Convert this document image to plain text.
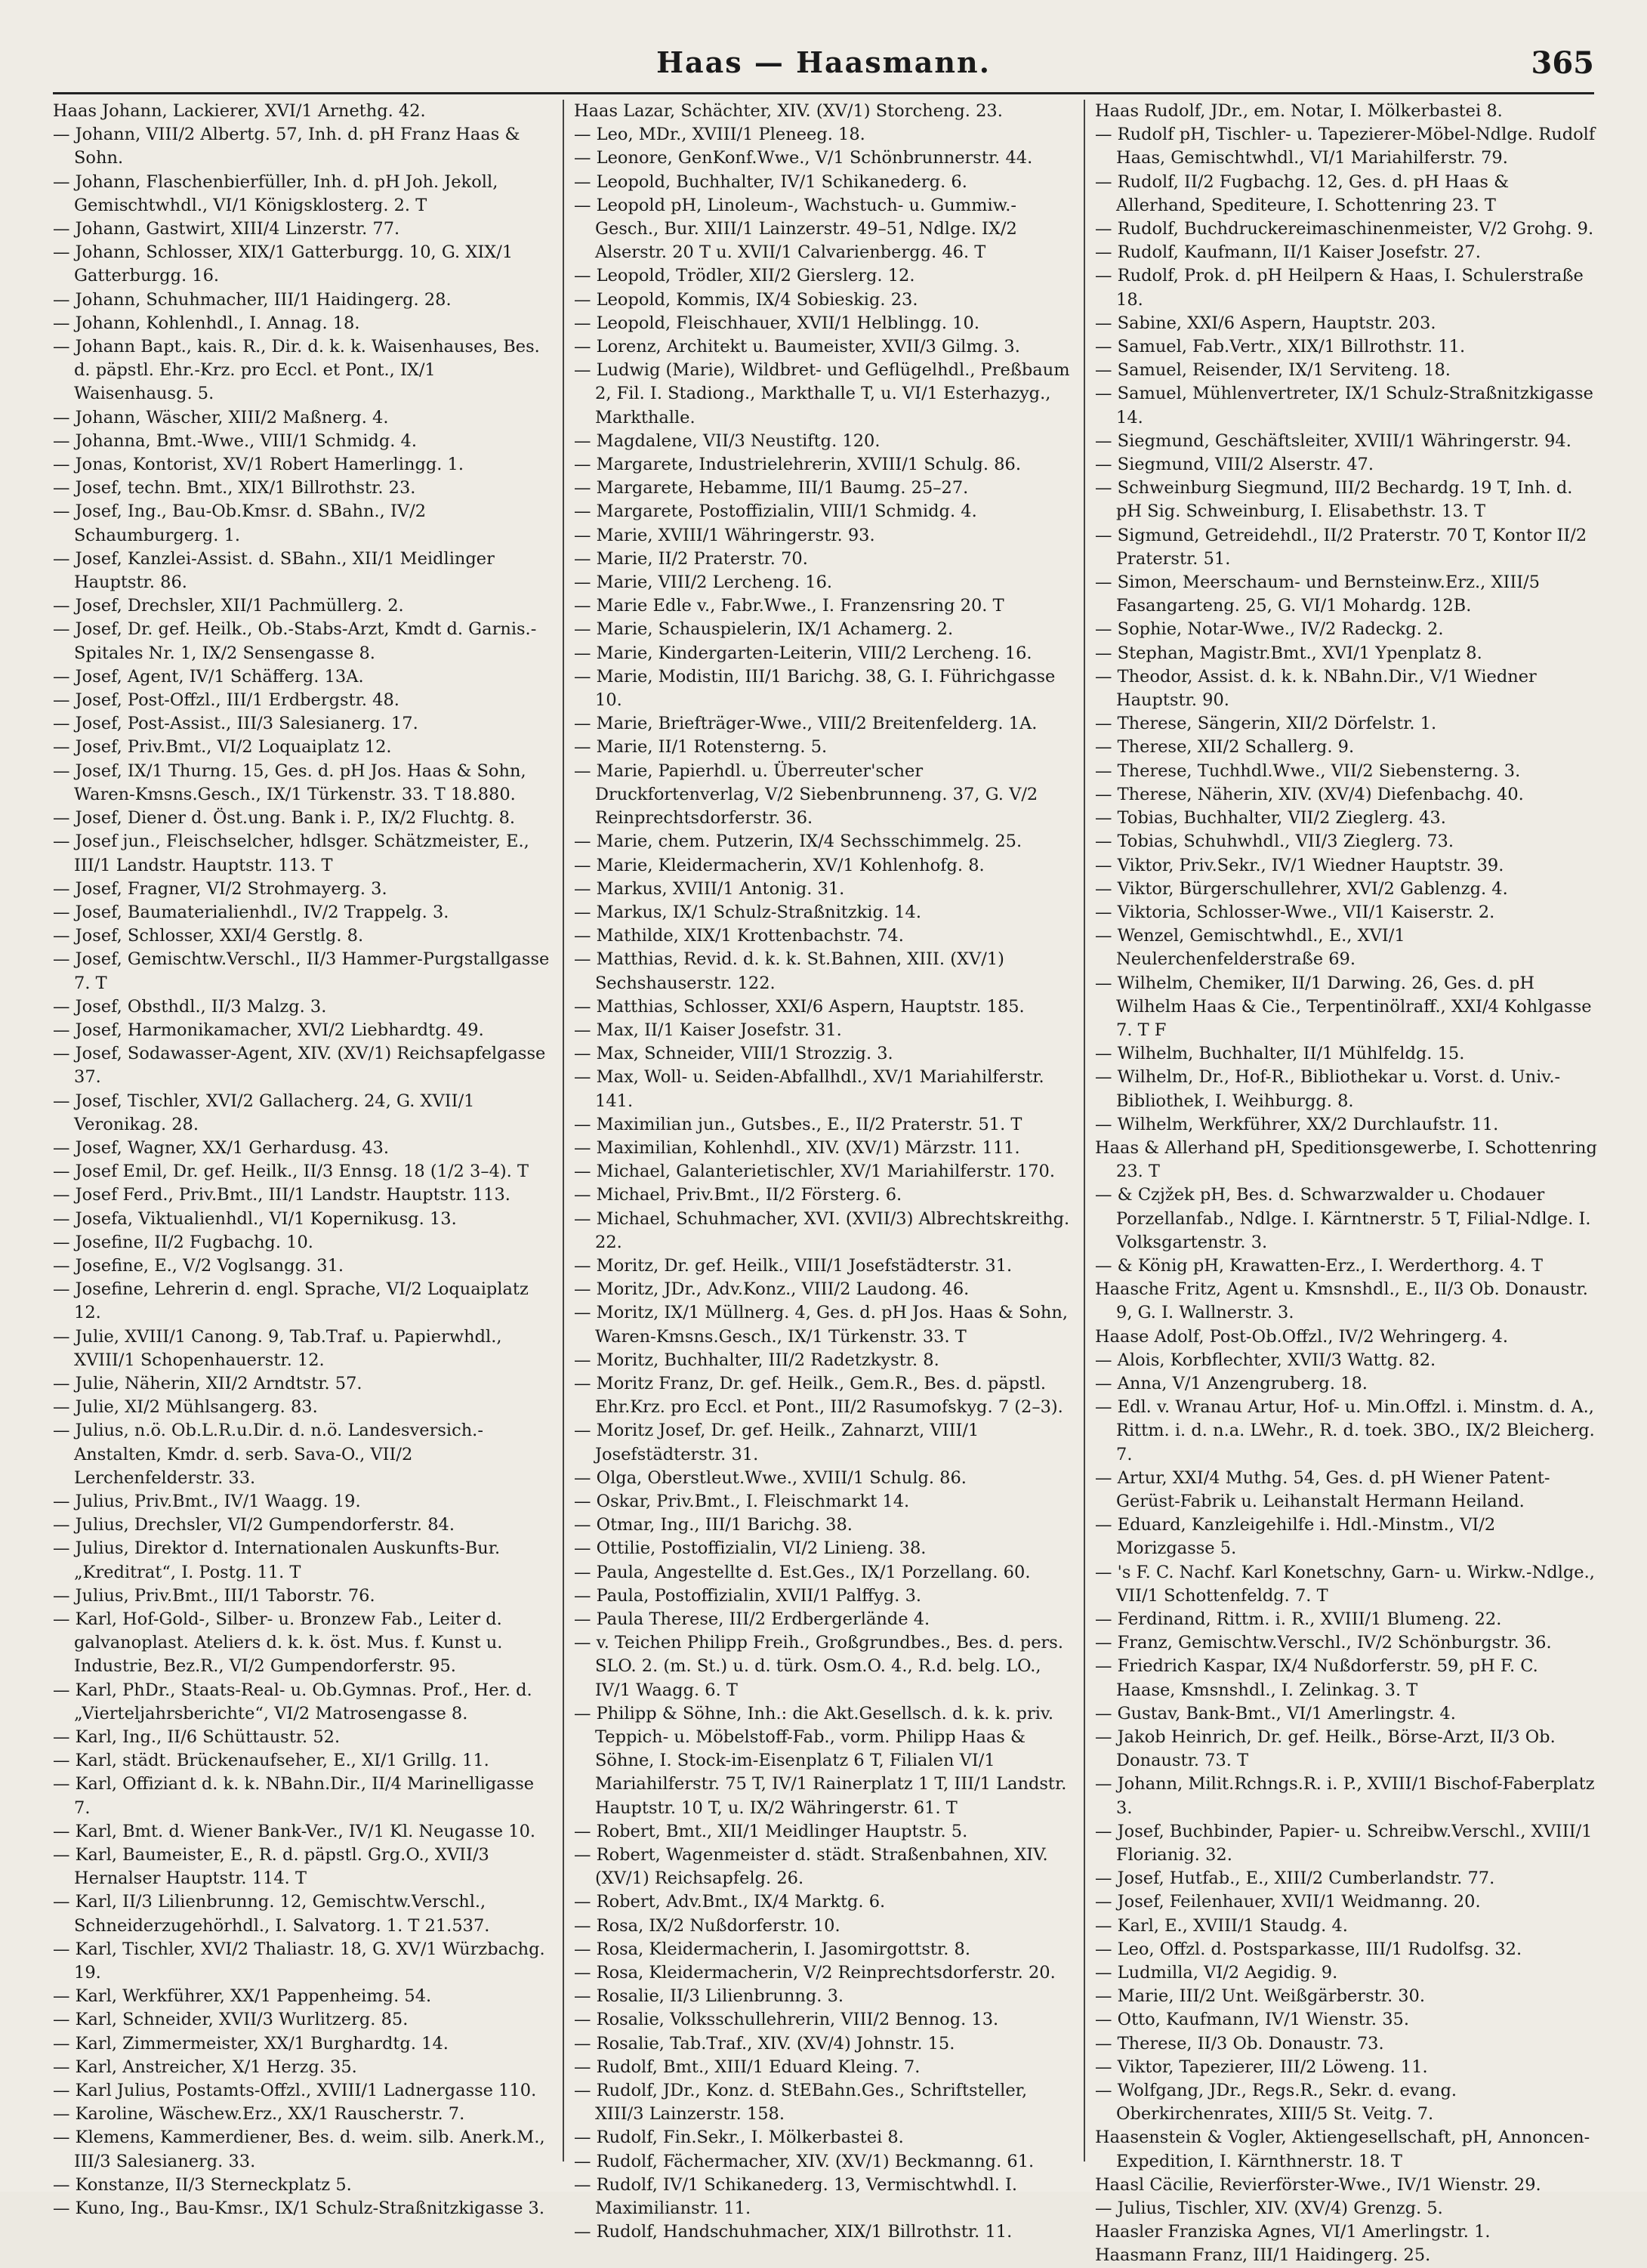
Haas — Haasmann.	365

Haas Johann, Lackierer, XVI/1 Arnethg. 42.

— Johann, VIII/2 Albertg. 57, Inh. d. pH Franz Haas & Sohn.

— Johann, Flaschenbierfüller, Inh. d. pH Joh. Jekoll, Gemischtwhdl., VI/1 Königsklosterg. 2. T

— Johann, Gastwirt, XIII/4 Linzerstr. 77.

— Johann, Schlosser, XIX/1 Gatterburgg. 10, G. XIX/1 Gatterburgg. 16.

— Johann, Schuhmacher, III/1 Haidingerg. 28.

— Johann, Kohlenhdl., I. Annag. 18.

— Johann Bapt., kais. R., Dir. d. k. k. Waisenhauses, Bes. d. päpstl. Ehr.-Krz. pro Eccl. et Pont., IX/1 Waisenhausg. 5.

— Johann, Wäscher, XIII/2 Maßnerg. 4.

— Johanna, Bmt.-Wwe., VIII/1 Schmidg. 4.

— Jonas, Kontorist, XV/1 Robert Hamerlingg. 1.

— Josef, techn. Bmt., XIX/1 Billrothstr. 23.

— Josef, Ing., Bau-Ob.Kmsr. d. SBahn., IV/2 Schaumburgerg. 1.

— Josef, Kanzlei-Assist. d. SBahn., XII/1 Meidlinger Hauptstr. 86.

— Josef, Drechsler, XII/1 Pachmüllerg. 2.

— Josef, Dr. gef. Heilk., Ob.-Stabs-Arzt, Kmdt d. Garnis.-Spitales Nr. 1, IX/2 Sensengasse 8.

— Josef, Agent, IV/1 Schäfferg. 13A.

— Josef, Post-Offzl., III/1 Erdbergstr. 48.

— Josef, Post-Assist., III/3 Salesianerg. 17.

— Josef, Priv.Bmt., VI/2 Loquaiplatz 12.

— Josef, IX/1 Thurng. 15, Ges. d. pH Jos. Haas & Sohn, Waren-Kmsns.Gesch., IX/1 Türkenstr. 33. T 18.880.

— Josef, Diener d. Öst.ung. Bank i. P., IX/2 Fluchtg. 8.

— Josef jun., Fleischselcher, hdlsger. Schätzmeister, E., III/1 Landstr. Hauptstr. 113. T

— Josef, Fragner, VI/2 Strohmayerg. 3.

— Josef, Baumaterialienhdl., IV/2 Trappelg. 3.

— Josef, Schlosser, XXI/4 Gerstlg. 8.

— Josef, Gemischtw.Verschl., II/3 Hammer-Purgstallgasse 7. T

— Josef, Obsthdl., II/3 Malzg. 3.

— Josef, Harmonikamacher, XVI/2 Liebhardtg. 49.

— Josef, Sodawasser-Agent, XIV. (XV/1) Reichsapfelgasse 37.

— Josef, Tischler, XVI/2 Gallacherg. 24, G. XVII/1 Veronikag. 28.

— Josef, Wagner, XX/1 Gerhardusg. 43.

— Josef Emil, Dr. gef. Heilk., II/3 Ennsg. 18 (1/2 3–4). T

— Josef Ferd., Priv.Bmt., III/1 Landstr. Hauptstr. 113.

— Josefa, Viktualienhdl., VI/1 Kopernikusg. 13.

— Josefine, II/2 Fugbachg. 10.

— Josefine, E., V/2 Voglsangg. 31.

— Josefine, Lehrerin d. engl. Sprache, VI/2 Loquaiplatz 12.

— Julie, XVIII/1 Canong. 9, Tab.Traf. u. Papierwhdl., XVIII/1 Schopenhauerstr. 12.

— Julie, Näherin, XII/2 Arndtstr. 57.

— Julie, XI/2 Mühlsangerg. 83.

— Julius, n.ö. Ob.L.R.u.Dir. d. n.ö. Landesversich.-Anstalten, Kmdr. d. serb. Sava-O., VII/2 Lerchenfelderstr. 33.

— Julius, Priv.Bmt., IV/1 Waagg. 19.

— Julius, Drechsler, VI/2 Gumpendorferstr. 84.

— Julius, Direktor d. Internationalen Auskunfts-Bur. „Kreditrat“, I. Postg. 11. T

— Julius, Priv.Bmt., III/1 Taborstr. 76.

— Karl, Hof-Gold-, Silber- u. Bronzew Fab., Leiter d. galvanoplast. Ateliers d. k. k. öst. Mus. f. Kunst u. Industrie, Bez.R., VI/2 Gumpendorferstr. 95.

— Karl, PhDr., Staats-Real- u. Ob.Gymnas. Prof., Her. d. „Vierteljahrsberichte“, VI/2 Matrosengasse 8.

— Karl, Ing., II/6 Schüttaustr. 52.

— Karl, städt. Brückenaufseher, E., XI/1 Grillg. 11.

— Karl, Offiziant d. k. k. NBahn.Dir., II/4 Marinelligasse 7.

— Karl, Bmt. d. Wiener Bank-Ver., IV/1 Kl. Neugasse 10.

— Karl, Baumeister, E., R. d. päpstl. Grg.O., XVII/3 Hernalser Hauptstr. 114. T

— Karl, II/3 Lilienbrunng. 12, Gemischtw.Verschl., Schneiderzugehörhdl., I. Salvatorg. 1. T 21.537.

— Karl, Tischler, XVI/2 Thaliastr. 18, G. XV/1 Würzbachg. 19.

— Karl, Werkführer, XX/1 Pappenheimg. 54.

— Karl, Schneider, XVII/3 Wurlitzerg. 85.

— Karl, Zimmermeister, XX/1 Burghardtg. 14.

— Karl, Anstreicher, X/1 Herzg. 35.

— Karl Julius, Postamts-Offzl., XVIII/1 Ladnergasse 110.

— Karoline, Wäschew.Erz., XX/1 Rauscherstr. 7.

— Klemens, Kammerdiener, Bes. d. weim. silb. Anerk.M., III/3 Salesianerg. 33.

— Konstanze, II/3 Sterneckplatz 5.

— Kuno, Ing., Bau-Kmsr., IX/1 Schulz-Straßnitzkigasse 3.

Haas Lazar, Schächter, XIV. (XV/1) Storcheng. 23.

— Leo, MDr., XVIII/1 Pleneeg. 18.

— Leonore, GenKonf.Wwe., V/1 Schönbrunnerstr. 44.

— Leopold, Buchhalter, IV/1 Schikanederg. 6.

— Leopold pH, Linoleum-, Wachstuch- u. Gummiw.-Gesch., Bur. XIII/1 Lainzerstr. 49–51, Ndlge. IX/2 Alserstr. 20 T u. XVII/1 Calvarienbergg. 46. T

— Leopold, Trödler, XII/2 Gierslerg. 12.

— Leopold, Kommis, IX/4 Sobieskig. 23.

— Leopold, Fleischhauer, XVII/1 Helblingg. 10.

— Lorenz, Architekt u. Baumeister, XVII/3 Gilmg. 3.

— Ludwig (Marie), Wildbret- und Geflügelhdl., Preßbaum 2, Fil. I. Stadiong., Markthalle T, u. VI/1 Esterhazyg., Markthalle.

— Magdalene, VII/3 Neustiftg. 120.

— Margarete, Industrielehrerin, XVIII/1 Schulg. 86.

— Margarete, Hebamme, III/1 Baumg. 25–27.

— Margarete, Postoffizialin, VIII/1 Schmidg. 4.

— Marie, XVIII/1 Währingerstr. 93.

— Marie, II/2 Praterstr. 70.

— Marie, VIII/2 Lercheng. 16.

— Marie Edle v., Fabr.Wwe., I. Franzensring 20. T

— Marie, Schauspielerin, IX/1 Achamerg. 2.

— Marie, Kindergarten-Leiterin, VIII/2 Lercheng. 16.

— Marie, Modistin, III/1 Barichg. 38, G. I. Führichgasse 10.

— Marie, Briefträger-Wwe., VIII/2 Breitenfelderg. 1A.

— Marie, II/1 Rotensterng. 5.

— Marie, Papierhdl. u. Überreuter'scher Druckfortenverlag, V/2 Siebenbrunneng. 37, G. V/2 Reinprechtsdorferstr. 36.

— Marie, chem. Putzerin, IX/4 Sechsschimmelg. 25.

— Marie, Kleidermacherin, XV/1 Kohlenhofg. 8.

— Markus, XVIII/1 Antonig. 31.

— Markus, IX/1 Schulz-Straßnitzkig. 14.

— Mathilde, XIX/1 Krottenbachstr. 74.

— Matthias, Revid. d. k. k. St.Bahnen, XIII. (XV/1) Sechshauserstr. 122.

— Matthias, Schlosser, XXI/6 Aspern, Hauptstr. 185.

— Max, II/1 Kaiser Josefstr. 31.

— Max, Schneider, VIII/1 Strozzig. 3.

— Max, Woll- u. Seiden-Abfallhdl., XV/1 Mariahilferstr. 141.

— Maximilian jun., Gutsbes., E., II/2 Praterstr. 51. T

— Maximilian, Kohlenhdl., XIV. (XV/1) Märzstr. 111.

— Michael, Galanterietischler, XV/1 Mariahilferstr. 170.

— Michael, Priv.Bmt., II/2 Försterg. 6.

— Michael, Schuhmacher, XVI. (XVII/3) Albrechtskreithg. 22.

— Moritz, Dr. gef. Heilk., VIII/1 Josefstädterstr. 31.

— Moritz, JDr., Adv.Konz., VIII/2 Laudong. 46.

— Moritz, IX/1 Müllnerg. 4, Ges. d. pH Jos. Haas & Sohn, Waren-Kmsns.Gesch., IX/1 Türkenstr. 33. T

— Moritz, Buchhalter, III/2 Radetzkystr. 8.

— Moritz Franz, Dr. gef. Heilk., Gem.R., Bes. d. päpstl. Ehr.Krz. pro Eccl. et Pont., III/2 Rasumofskyg. 7 (2–3).

— Moritz Josef, Dr. gef. Heilk., Zahnarzt, VIII/1 Josefstädterstr. 31.

— Olga, Oberstleut.Wwe., XVIII/1 Schulg. 86.

— Oskar, Priv.Bmt., I. Fleischmarkt 14.

— Otmar, Ing., III/1 Barichg. 38.

— Ottilie, Postoffizialin, VI/2 Linieng. 38.

— Paula, Angestellte d. Est.Ges., IX/1 Porzellang. 60.

— Paula, Postoffizialin, XVII/1 Palffyg. 3.

— Paula Therese, III/2 Erdbergerlände 4.

— v. Teichen Philipp Freih., Großgrundbes., Bes. d. pers. SLO. 2. (m. St.) u. d. türk. Osm.O. 4., R.d. belg. LO., IV/1 Waagg. 6. T

— Philipp & Söhne, Inh.: die Akt.Gesellsch. d. k. k. priv. Teppich- u. Möbelstoff-Fab., vorm. Philipp Haas & Söhne, I. Stock-im-Eisenplatz 6 T, Filialen VI/1 Mariahilferstr. 75 T, IV/1 Rainerplatz 1 T, III/1 Landstr. Hauptstr. 10 T, u. IX/2 Währingerstr. 61. T

— Robert, Bmt., XII/1 Meidlinger Hauptstr. 5.

— Robert, Wagenmeister d. städt. Straßenbahnen, XIV. (XV/1) Reichsapfelg. 26.

— Robert, Adv.Bmt., IX/4 Marktg. 6.

— Rosa, IX/2 Nußdorferstr. 10.

— Rosa, Kleidermacherin, I. Jasomirgottstr. 8.

— Rosa, Kleidermacherin, V/2 Reinprechtsdorferstr. 20.

— Rosalie, II/3 Lilienbrunng. 3.

— Rosalie, Volksschullehrerin, VIII/2 Bennog. 13.

— Rosalie, Tab.Traf., XIV. (XV/4) Johnstr. 15.

— Rudolf, Bmt., XIII/1 Eduard Kleing. 7.

— Rudolf, JDr., Konz. d. StEBahn.Ges., Schriftsteller, XIII/3 Lainzerstr. 158.

— Rudolf, Fin.Sekr., I. Mölkerbastei 8.

— Rudolf, Fächermacher, XIV. (XV/1) Beckmanng. 61.

— Rudolf, IV/1 Schikanederg. 13, Vermischtwhdl. I. Maximilianstr. 11.

— Rudolf, Handschuhmacher, XIX/1 Billrothstr. 11.

Haas Rudolf, JDr., em. Notar, I. Mölkerbastei 8.

— Rudolf pH, Tischler- u. Tapezierer-Möbel-Ndlge. Rudolf Haas, Gemischtwhdl., VI/1 Mariahilferstr. 79.

— Rudolf, II/2 Fugbachg. 12, Ges. d. pH Haas & Allerhand, Spediteure, I. Schottenring 23. T

— Rudolf, Buchdruckereimaschinenmeister, V/2 Grohg. 9.

— Rudolf, Kaufmann, II/1 Kaiser Josefstr. 27.

— Rudolf, Prok. d. pH Heilpern & Haas, I. Schulerstraße 18.

— Sabine, XXI/6 Aspern, Hauptstr. 203.

— Samuel, Fab.Vertr., XIX/1 Billrothstr. 11.

— Samuel, Reisender, IX/1 Serviteng. 18.

— Samuel, Mühlenvertreter, IX/1 Schulz-Straßnitzkigasse 14.

— Siegmund, Geschäftsleiter, XVIII/1 Währingerstr. 94.

— Siegmund, VIII/2 Alserstr. 47.

— Schweinburg Siegmund, III/2 Bechardg. 19 T, Inh. d. pH Sig. Schweinburg, I. Elisabethstr. 13. T

— Sigmund, Getreidehdl., II/2 Praterstr. 70 T, Kontor II/2 Praterstr. 51.

— Simon, Meerschaum- und Bernsteinw.Erz., XIII/5 Fasangarteng. 25, G. VI/1 Mohardg. 12B.

— Sophie, Notar-Wwe., IV/2 Radeckg. 2.

— Stephan, Magistr.Bmt., XVI/1 Ypenplatz 8.

— Theodor, Assist. d. k. k. NBahn.Dir., V/1 Wiedner Hauptstr. 90.

— Therese, Sängerin, XII/2 Dörfelstr. 1.

— Therese, XII/2 Schallerg. 9.

— Therese, Tuchhdl.Wwe., VII/2 Siebensterng. 3.

— Therese, Näherin, XIV. (XV/4) Diefenbachg. 40.

— Tobias, Buchhalter, VII/2 Zieglerg. 43.

— Tobias, Schuhwhdl., VII/3 Zieglerg. 73.

— Viktor, Priv.Sekr., IV/1 Wiedner Hauptstr. 39.

— Viktor, Bürgerschullehrer, XVI/2 Gablenzg. 4.

— Viktoria, Schlosser-Wwe., VII/1 Kaiserstr. 2.

— Wenzel, Gemischtwhdl., E., XVI/1 Neulerchenfelderstraße 69.

— Wilhelm, Chemiker, II/1 Darwing. 26, Ges. d. pH Wilhelm Haas & Cie., Terpentinölraff., XXI/4 Kohlgasse 7. T F

— Wilhelm, Buchhalter, II/1 Mühlfeldg. 15.

— Wilhelm, Dr., Hof-R., Bibliothekar u. Vorst. d. Univ.-Bibliothek, I. Weihburgg. 8.

— Wilhelm, Werkführer, XX/2 Durchlaufstr. 11.

Haas & Allerhand pH, Speditionsgewerbe, I. Schottenring 23. T

— & Czjžek pH, Bes. d. Schwarzwalder u. Chodauer Porzellanfab., Ndlge. I. Kärntnerstr. 5 T, Filial-Ndlge. I. Volksgartenstr. 3.

— & König pH, Krawatten-Erz., I. Werderthorg. 4. T

Haasche Fritz, Agent u. Kmsnshdl., E., II/3 Ob. Donaustr. 9, G. I. Wallnerstr. 3.

Haase Adolf, Post-Ob.Offzl., IV/2 Wehringerg. 4.

— Alois, Korbflechter, XVII/3 Wattg. 82.

— Anna, V/1 Anzengruberg. 18.

— Edl. v. Wranau Artur, Hof- u. Min.Offzl. i. Minstm. d. A., Rittm. i. d. n.a. LWehr., R. d. toek. 3BO., IX/2 Bleicherg. 7.

— Artur, XXI/4 Muthg. 54, Ges. d. pH Wiener Patent-Gerüst-Fabrik u. Leihanstalt Hermann Heiland.

— Eduard, Kanzleigehilfe i. Hdl.-Minstm., VI/2 Morizgasse 5.

— 's F. C. Nachf. Karl Konetschny, Garn- u. Wirkw.-Ndlge., VII/1 Schottenfeldg. 7. T

— Ferdinand, Rittm. i. R., XVIII/1 Blumeng. 22.

— Franz, Gemischtw.Verschl., IV/2 Schönburgstr. 36.

— Friedrich Kaspar, IX/4 Nußdorferstr. 59, pH F. C. Haase, Kmsnshdl., I. Zelinkag. 3. T

— Gustav, Bank-Bmt., VI/1 Amerlingstr. 4.

— Jakob Heinrich, Dr. gef. Heilk., Börse-Arzt, II/3 Ob. Donaustr. 73. T

— Johann, Milit.Rchngs.R. i. P., XVIII/1 Bischof-Faberplatz 3.

— Josef, Buchbinder, Papier- u. Schreibw.Verschl., XVIII/1 Florianig. 32.

— Josef, Hutfab., E., XIII/2 Cumberlandstr. 77.

— Josef, Feilenhauer, XVII/1 Weidmanng. 20.

— Karl, E., XVIII/1 Staudg. 4.

— Leo, Offzl. d. Postsparkasse, III/1 Rudolfsg. 32.

— Ludmilla, VI/2 Aegidig. 9.

— Marie, III/2 Unt. Weißgärberstr. 30.

— Otto, Kaufmann, IV/1 Wienstr. 35.

— Therese, II/3 Ob. Donaustr. 73.

— Viktor, Tapezierer, III/2 Löweng. 11.

— Wolfgang, JDr., Regs.R., Sekr. d. evang. Oberkirchenrates, XIII/5 St. Veitg. 7.

Haasenstein & Vogler, Aktiengesellschaft, pH, Annoncen-Expedition, I. Kärnthnerstr. 18. T

Haasl Cäcilie, Revierförster-Wwe., IV/1 Wienstr. 29.

— Julius, Tischler, XIV. (XV/4) Grenzg. 5.

Haasler Franziska Agnes, VI/1 Amerlingstr. 1.

Haasmann Franz, III/1 Haidingerg. 25.
